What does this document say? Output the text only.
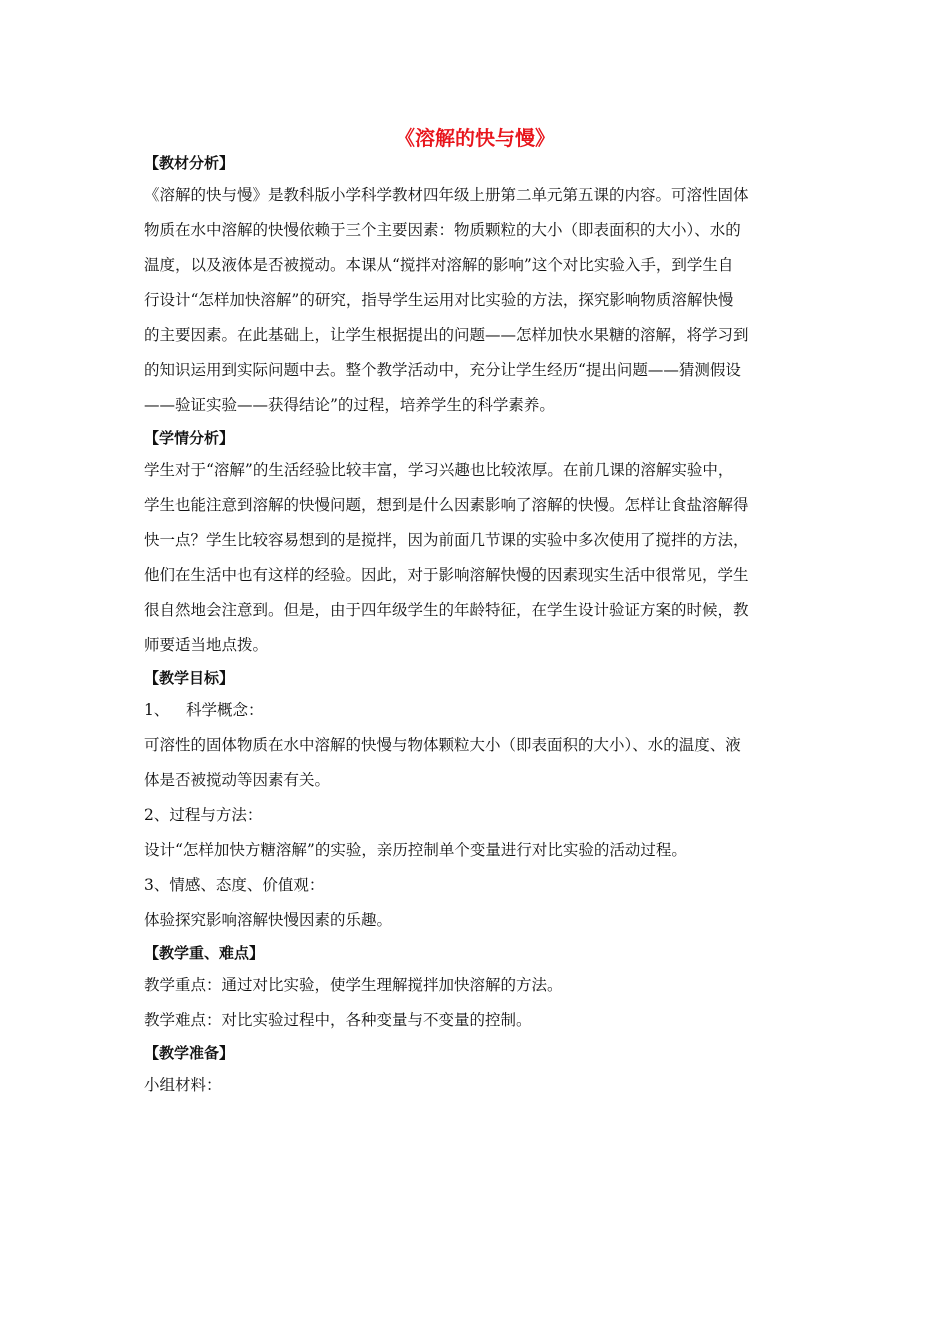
《溶解的快与慢》
【教材分析】
《溶解的快与慢》是教科版小学科学教材四年级上册第二单元第五课的内容。可溶性固体
物质在水中溶解的快慢依赖于三个主要因素：物质颗粒的大小（即表面积的大小）、水的
温度，以及液体是否被搅动。本课从“搅拌对溶解的影响”这个对比实验入手，到学生自
行设计“怎样加快溶解”的研究，指导学生运用对比实验的方法，探究影响物质溶解快慢
的主要因素。在此基础上，让学生根据提出的问题——怎样加快水果糖的溶解，将学习到
的知识运用到实际问题中去。整个教学活动中，充分让学生经历“提出问题——猜测假设
——验证实验——获得结论”的过程，培养学生的科学素养。
【学情分析】
学生对于“溶解”的生活经验比较丰富，学习兴趣也比较浓厚。在前几课的溶解实验中，
学生也能注意到溶解的快慢问题，想到是什么因素影响了溶解的快慢。怎样让食盐溶解得
快一点？学生比较容易想到的是搅拌，因为前面几节课的实验中多次使用了搅拌的方法，
他们在生活中也有这样的经验。因此，对于影响溶解快慢的因素现实生活中很常见，学生
很自然地会注意到。但是，由于四年级学生的年龄特征，在学生设计验证方案的时候，教
师要适当地点拨。
【教学目标】
1、 科学概念：
可溶性的固体物质在水中溶解的快慢与物体颗粒大小（即表面积的大小）、水的温度、液
体是否被搅动等因素有关。
2、过程与方法：
设计“怎样加快方糖溶解”的实验，亲历控制单个变量进行对比实验的活动过程。
3、情感、态度、价值观：
体验探究影响溶解快慢因素的乐趣。
【教学重、难点】
教学重点：通过对比实验，使学生理解搅拌加快溶解的方法。
教学难点：对比实验过程中，各种变量与不变量的控制。
【教学准备】
小组材料：
